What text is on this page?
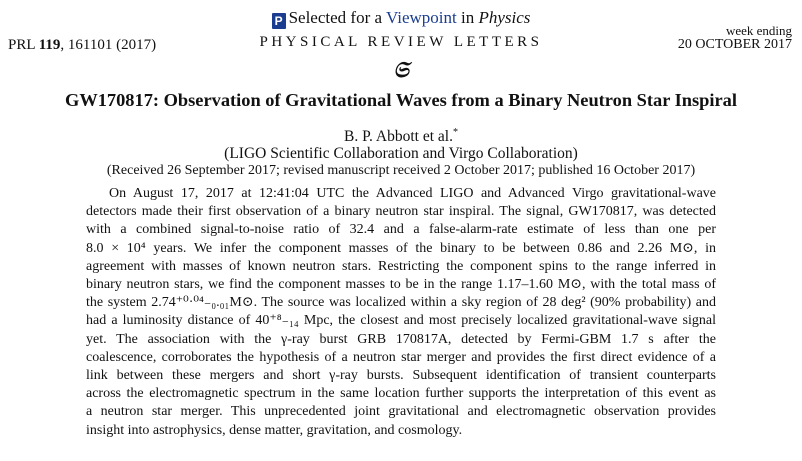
P Selected for a Viewpoint in Physics
PRL 119, 161101 (2017)	PHYSICAL REVIEW LETTERS
week ending
20 OCTOBER 2017
𝔖
GW170817: Observation of Gravitational Waves from a Binary Neutron Star Inspiral
B. P. Abbott et al.*
(LIGO Scientific Collaboration and Virgo Collaboration)
(Received 26 September 2017; revised manuscript received 2 October 2017; published 16 October 2017)
On August 17, 2017 at 12:41:04 UTC the Advanced LIGO and Advanced Virgo gravitational-wave
detectors made their first observation of a binary neutron star inspiral. The signal, GW170817, was detected
with a combined signal-to-noise ratio of 32.4 and a false-alarm-rate estimate of less than one per
8.0 × 10⁴ years. We infer the component masses of the binary to be between 0.86 and 2.26 M⊙, in
agreement with masses of known neutron stars. Restricting the component spins to the range inferred in
binary neutron stars, we find the component masses to be in the range 1.17–1.60 M⊙, with the total mass of
the system 2.74⁺⁰·⁰⁴₋₀.₀₁M⊙. The source was localized within a sky region of 28 deg² (90% probability) and
had a luminosity distance of 40⁺⁸₋₁₄ Mpc, the closest and most precisely localized gravitational-wave signal
yet. The association with the γ-ray burst GRB 170817A, detected by Fermi-GBM 1.7 s after the
coalescence, corroborates the hypothesis of a neutron star merger and provides the first direct evidence of a
link between these mergers and short γ-ray bursts. Subsequent identification of transient counterparts
across the electromagnetic spectrum in the same location further supports the interpretation of this event as
a neutron star merger. This unprecedented joint gravitational and electromagnetic observation provides
insight into astrophysics, dense matter, gravitation, and cosmology.
